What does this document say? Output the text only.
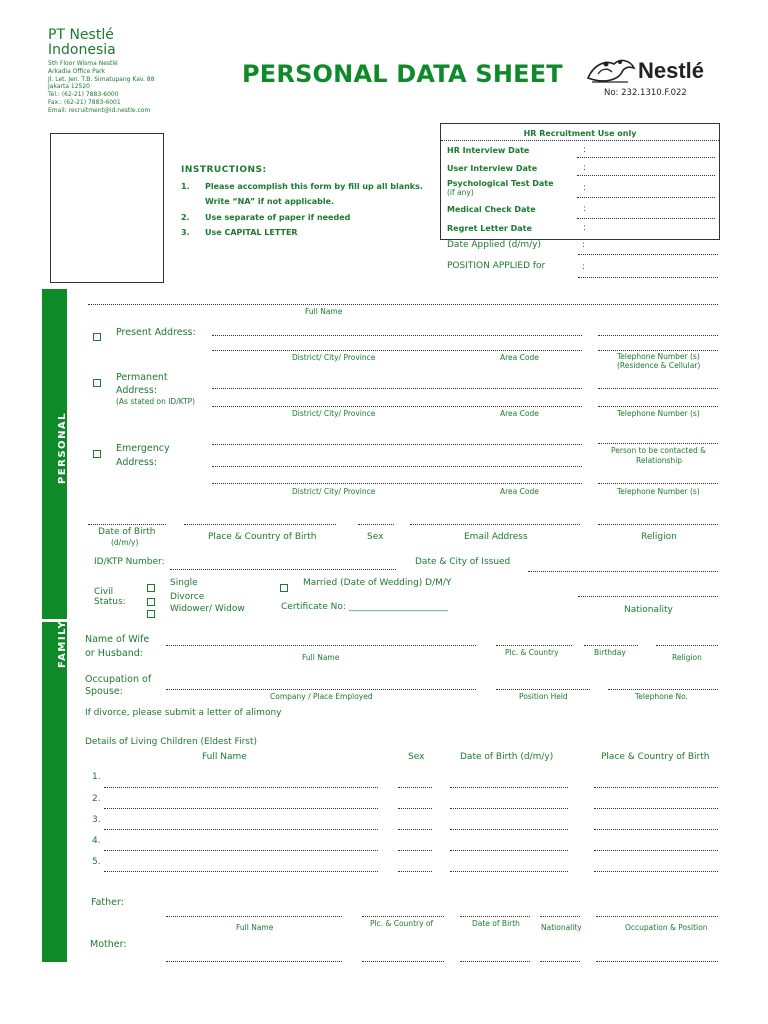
PT Nestlé
Indonesia
5th Floor Wisma Nestlé
Arkadia Office Park
Jl. Let. Jen. T.B. Simatupang Kav. 88
Jakarta 12520
Tel.: (62-21) 7883-6000
Fax.: (62-21) 7883-6001
Email: recruitment@id.nestle.com
PERSONAL DATA SHEET	Nestlé
No: 232.1310.F.022
HR Recruitment Use only
HR Interview Date	:
User Interview Date	:
Psychological Test Date
(if any)	:
Medical Check Date	:
Regret Letter Date	:
Date Applied (d/m/y)	:
POSITION APPLIED for	:
INSTRUCTIONS:
1. Please accomplish this form by fill up all blanks.
Write “NA” if not applicable.
2. Use separate of paper if needed
3. Use CAPITAL LETTER
PERSONAL
FAMILY
Full Name
Present Address:
District/ City/ Province	Area Code	Telephone Number (s)
(Residence & Cellular)
Permanent
Address:
(As stated on ID/KTP)
District/ City/ Province	Area Code	Telephone Number (s)
Emergency
Address:
Person to be contacted &
Relationship
District/ City/ Province	Area Code	Telephone Number (s)
Date of Birth
(d/m/y)
Place & Country of Birth	Sex	Email Address	Religion
ID/KTP Number:	Date & City of Issued
Civil
Status:
Single
Divorce
Widower/ Widow
Married (Date of Wedding) D/M/Y
Certificate No: ______________________	Nationality
Name of Wife
or Husband:	Full Name
Plc. & Country	Birthday
Religion
Occupation of
Spouse:	Company / Place Employed	Position Held	Telephone No.
If divorce, please submit a letter of alimony
Details of Living Children (Eldest First)
Full Name	Sex	Date of Birth (d/m/y)	Place & Country of Birth
1.
2.
3.
4.
5.
Father:
Full Name	Plc. & Country of	Date of Birth	Nationality	Occupation & Position
Mother:
